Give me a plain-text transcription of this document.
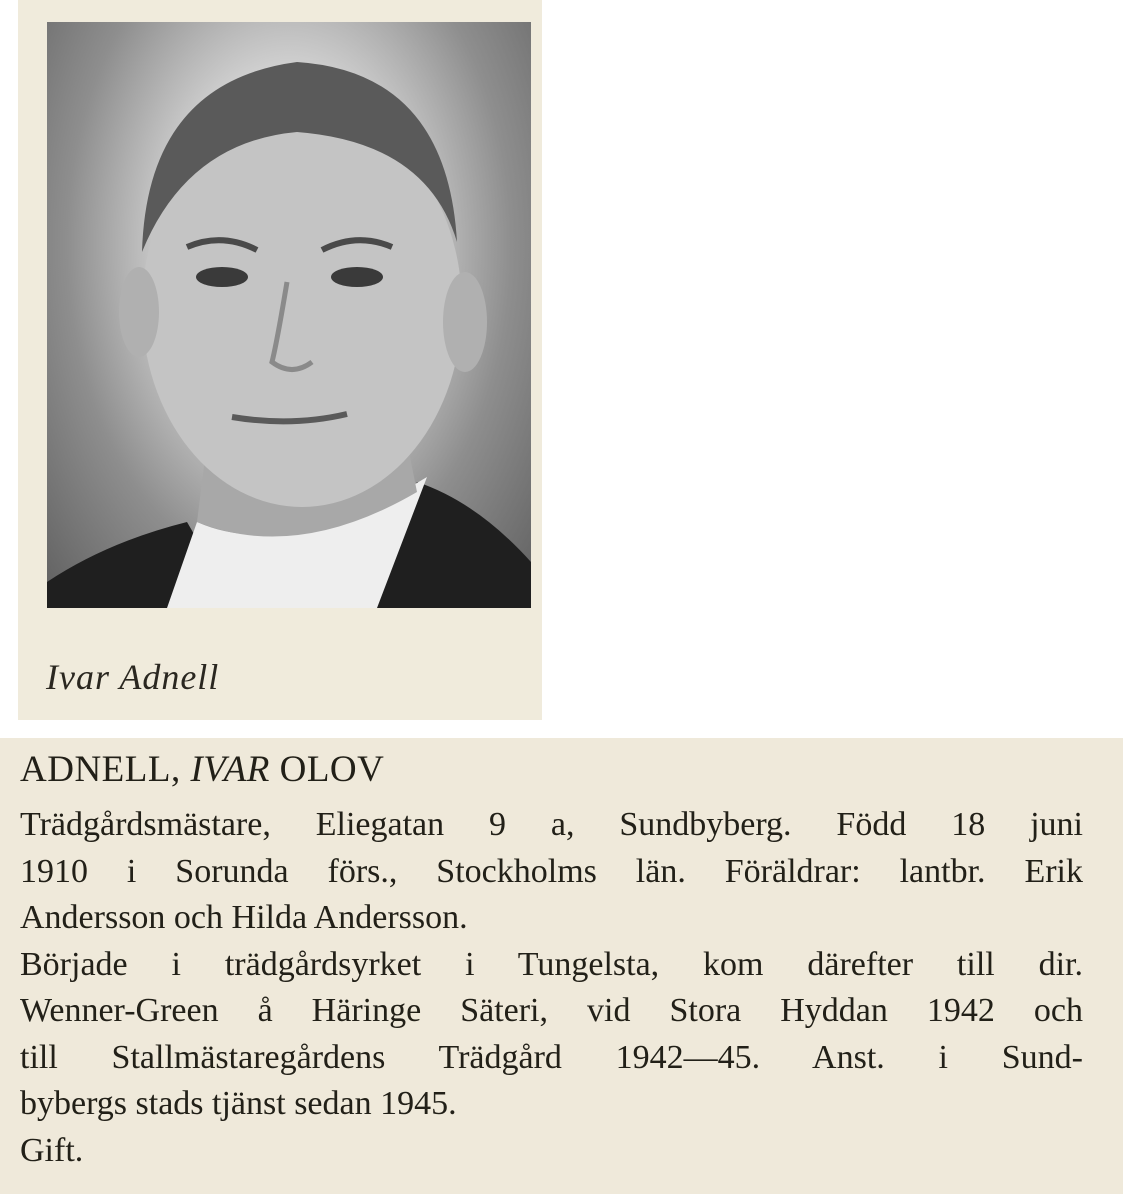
Ivar Adnell
ADNELL, IVAR OLOV
Trädgårdsmästare, Eliegatan 9 a, Sundbyberg. Född 18 juni
1910 i Sorunda förs., Stockholms län. Föräldrar: lantbr. Erik
Andersson och Hilda Andersson.
Började i trädgårdsyrket i Tungelsta, kom därefter till dir.
Wenner-Green å Häringe Säteri, vid Stora Hyddan 1942 och
till Stallmästaregårdens Trädgård 1942—45. Anst. i Sund-
bybergs stads tjänst sedan 1945.
Gift.
